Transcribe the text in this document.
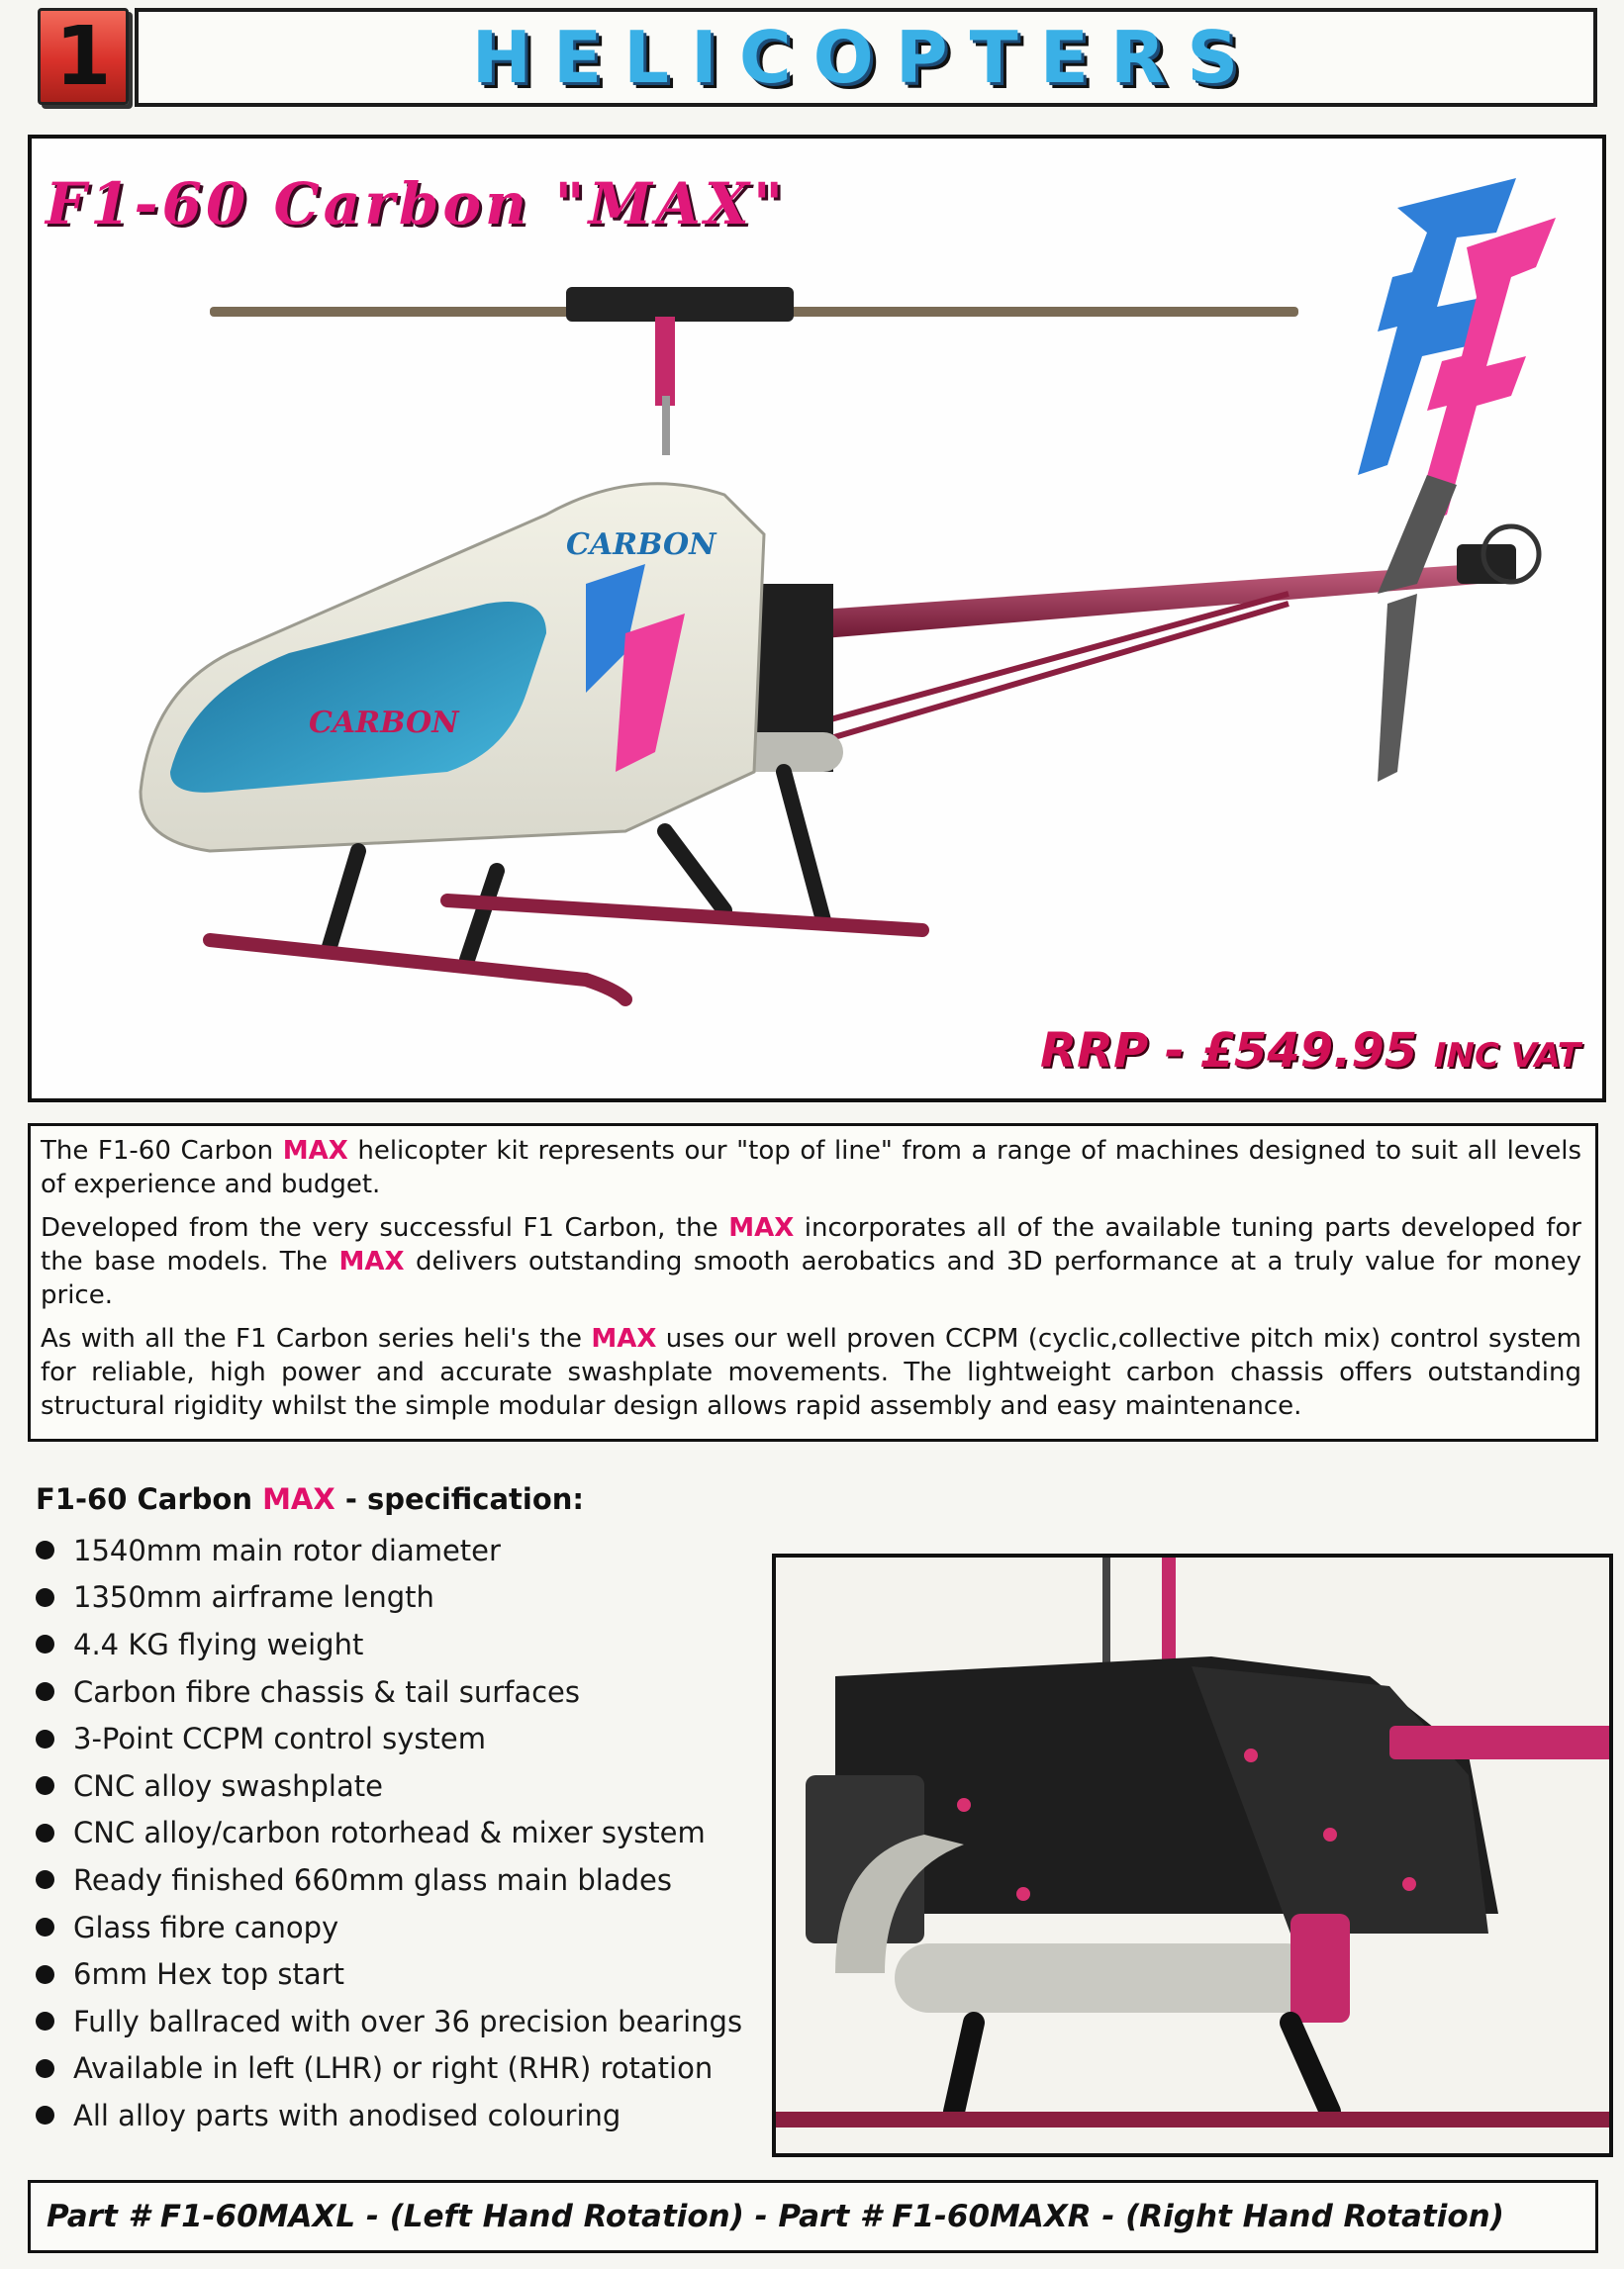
1	HELICOPTERS
CARBON
CARBON
F1-60 Carbon "MAX"
RRP - £549.95 INC VAT

The F1-60 Carbon MAX helicopter kit represents our "top of line" from a range of machines designed to suit all levels of experience and budget.

Developed from the very successful F1 Carbon, the MAX incorporates all of the available tuning parts developed for the base models. The MAX delivers outstanding smooth aerobatics and 3D performance at a truly value for money price.

As with all the F1 Carbon series heli's the MAX uses our well proven CCPM (cyclic,collective pitch mix) control system for reliable, high power and accurate swashplate movements. The lightweight carbon chassis offers outstanding structural rigidity whilst the simple modular design allows rapid assembly and easy maintenance.

F1-60 Carbon MAX - specification:
1540mm main rotor diameter
1350mm airframe length
4.4 KG flying weight
Carbon fibre chassis & tail surfaces
3-Point CCPM control system
CNC alloy swashplate
CNC alloy/carbon rotorhead & mixer system
Ready finished 660mm glass main blades
Glass fibre canopy
6mm Hex top start
Fully ballraced with over 36 precision bearings
Available in left (LHR) or right (RHR) rotation
All alloy parts with anodised colouring
Part # F1-60MAXL - (Left Hand Rotation) - Part # F1-60MAXR - (Right Hand Rotation)
